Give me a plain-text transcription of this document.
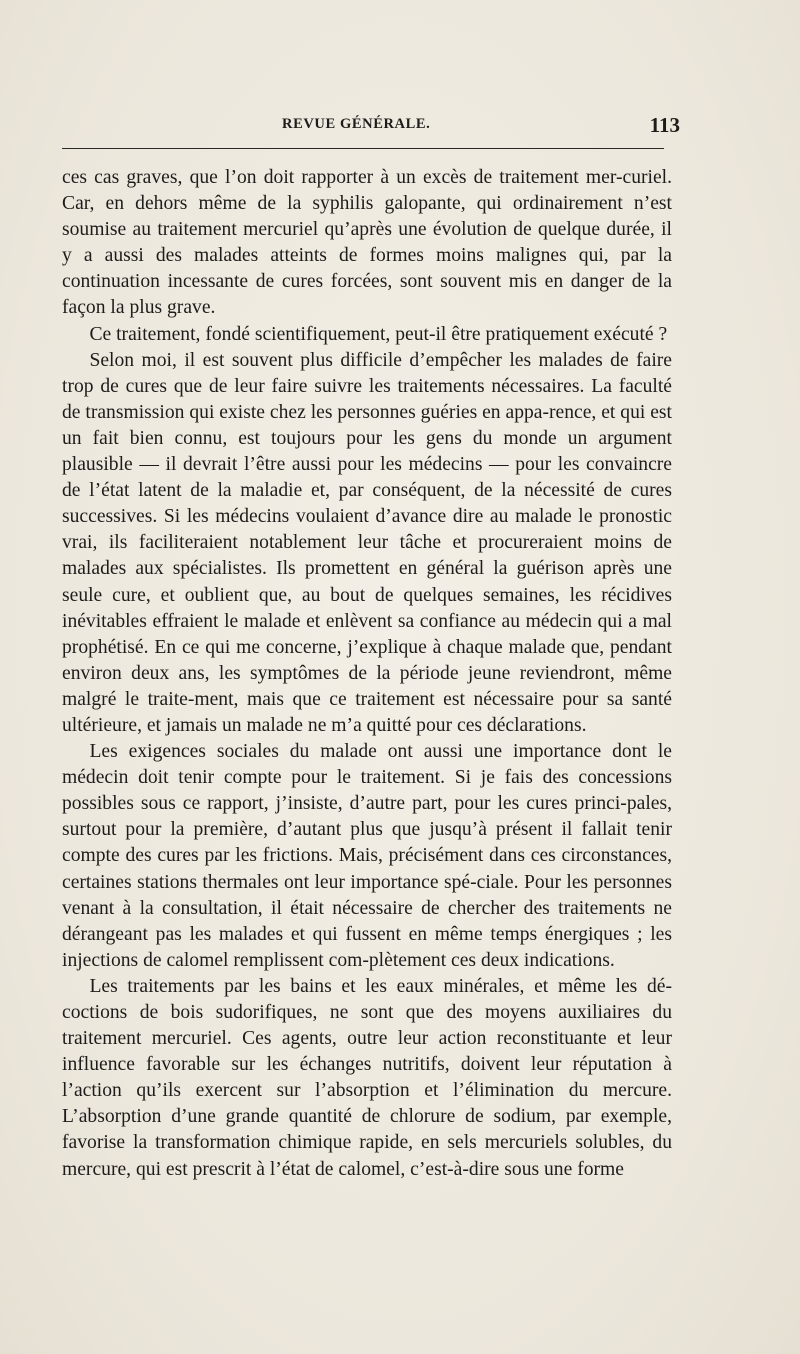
REVUE GÉNÉRALE.	113

ces cas graves, que l’on doit rapporter à un excès de traitement mer-curiel. Car, en dehors même de la syphilis galopante, qui ordinairement n’est soumise au traitement mercuriel qu’après une évolution de quelque durée, il y a aussi des malades atteints de formes moins malignes qui, par la continuation incessante de cures forcées, sont souvent mis en danger de la façon la plus grave.

Ce traitement, fondé scientifiquement, peut-il être pratiquement exécuté ?

Selon moi, il est souvent plus difficile d’empêcher les malades de faire trop de cures que de leur faire suivre les traitements nécessaires. La faculté de transmission qui existe chez les personnes guéries en appa-rence, et qui est un fait bien connu, est toujours pour les gens du monde un argument plausible — il devrait l’être aussi pour les médecins — pour les convaincre de l’état latent de la maladie et, par conséquent, de la nécessité de cures successives. Si les médecins voulaient d’avance dire au malade le pronostic vrai, ils faciliteraient notablement leur tâche et procureraient moins de malades aux spécialistes. Ils promettent en général la guérison après une seule cure, et oublient que, au bout de quelques semaines, les récidives inévitables effraient le malade et enlèvent sa confiance au médecin qui a mal prophétisé. En ce qui me concerne, j’explique à chaque malade que, pendant environ deux ans, les symptômes de la période jeune reviendront, même malgré le traite-ment, mais que ce traitement est nécessaire pour sa santé ultérieure, et jamais un malade ne m’a quitté pour ces déclarations.

Les exigences sociales du malade ont aussi une importance dont le médecin doit tenir compte pour le traitement. Si je fais des concessions possibles sous ce rapport, j’insiste, d’autre part, pour les cures princi-pales, surtout pour la première, d’autant plus que jusqu’à présent il fallait tenir compte des cures par les frictions. Mais, précisément dans ces circonstances, certaines stations thermales ont leur importance spé-ciale. Pour les personnes venant à la consultation, il était nécessaire de chercher des traitements ne dérangeant pas les malades et qui fussent en même temps énergiques ; les injections de calomel remplissent com-plètement ces deux indications.

Les traitements par les bains et les eaux minérales, et même les dé-coctions de bois sudorifiques, ne sont que des moyens auxiliaires du traitement mercuriel. Ces agents, outre leur action reconstituante et leur influence favorable sur les échanges nutritifs, doivent leur réputation à l’action qu’ils exercent sur l’absorption et l’élimination du mercure. L’absorption d’une grande quantité de chlorure de sodium, par exemple, favorise la transformation chimique rapide, en sels mercuriels solubles, du mercure, qui est prescrit à l’état de calomel, c’est-à-dire sous une forme
